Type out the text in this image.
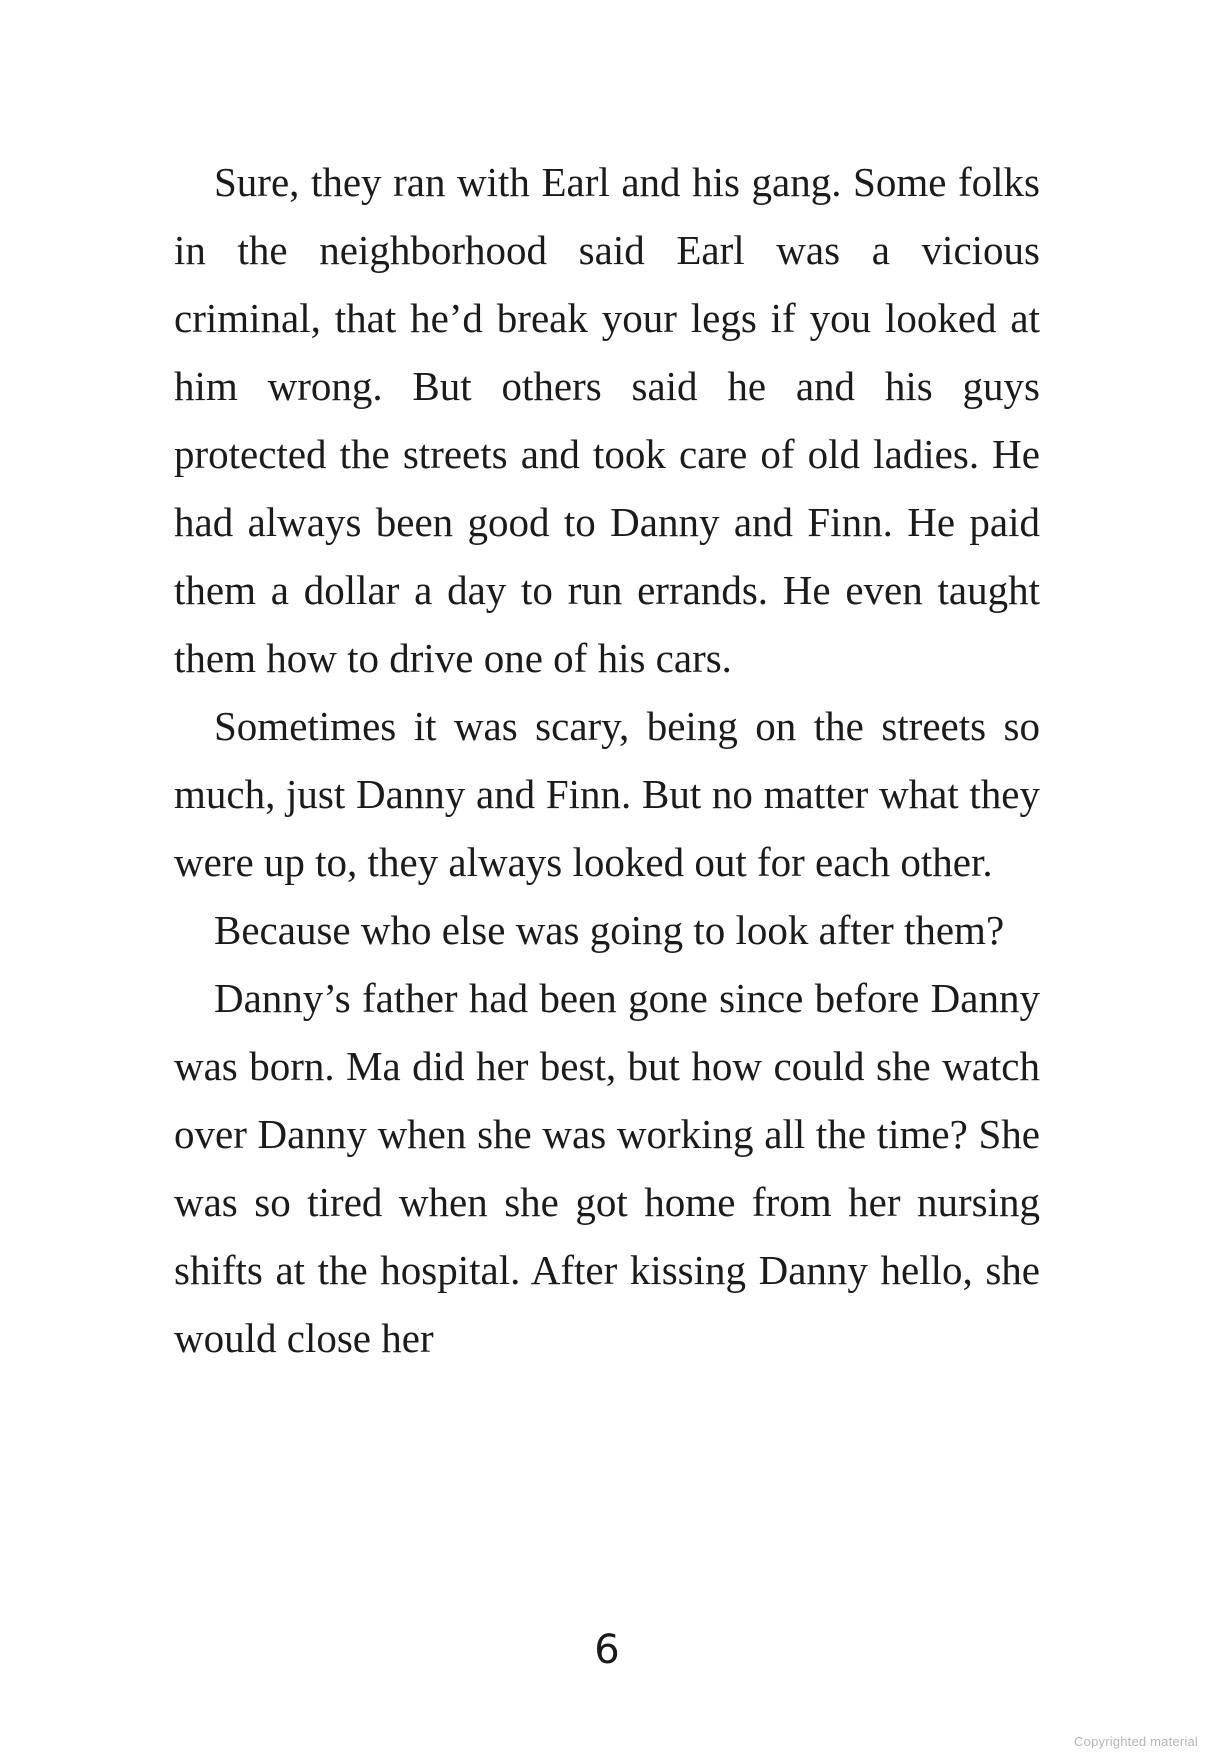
Sure, they ran with Earl and his gang. Some folks in the neighborhood said Earl was a vicious criminal, that he’d break your legs if you looked at him wrong. But others said he and his guys protected the streets and took care of old ladies. He had always been good to Danny and Finn. He paid them a dollar a day to run errands. He even taught them how to drive one of his cars.

Sometimes it was scary, being on the streets so much, just Danny and Finn. But no matter what they were up to, they always looked out for each other.

Because who else was going to look after them?

Danny’s father had been gone since before Danny was born. Ma did her best, but how could she watch over Danny when she was working all the time? She was so tired when she got home from her nursing shifts at the hospital. After kissing Danny hello, she would close her

6
Copyrighted material
